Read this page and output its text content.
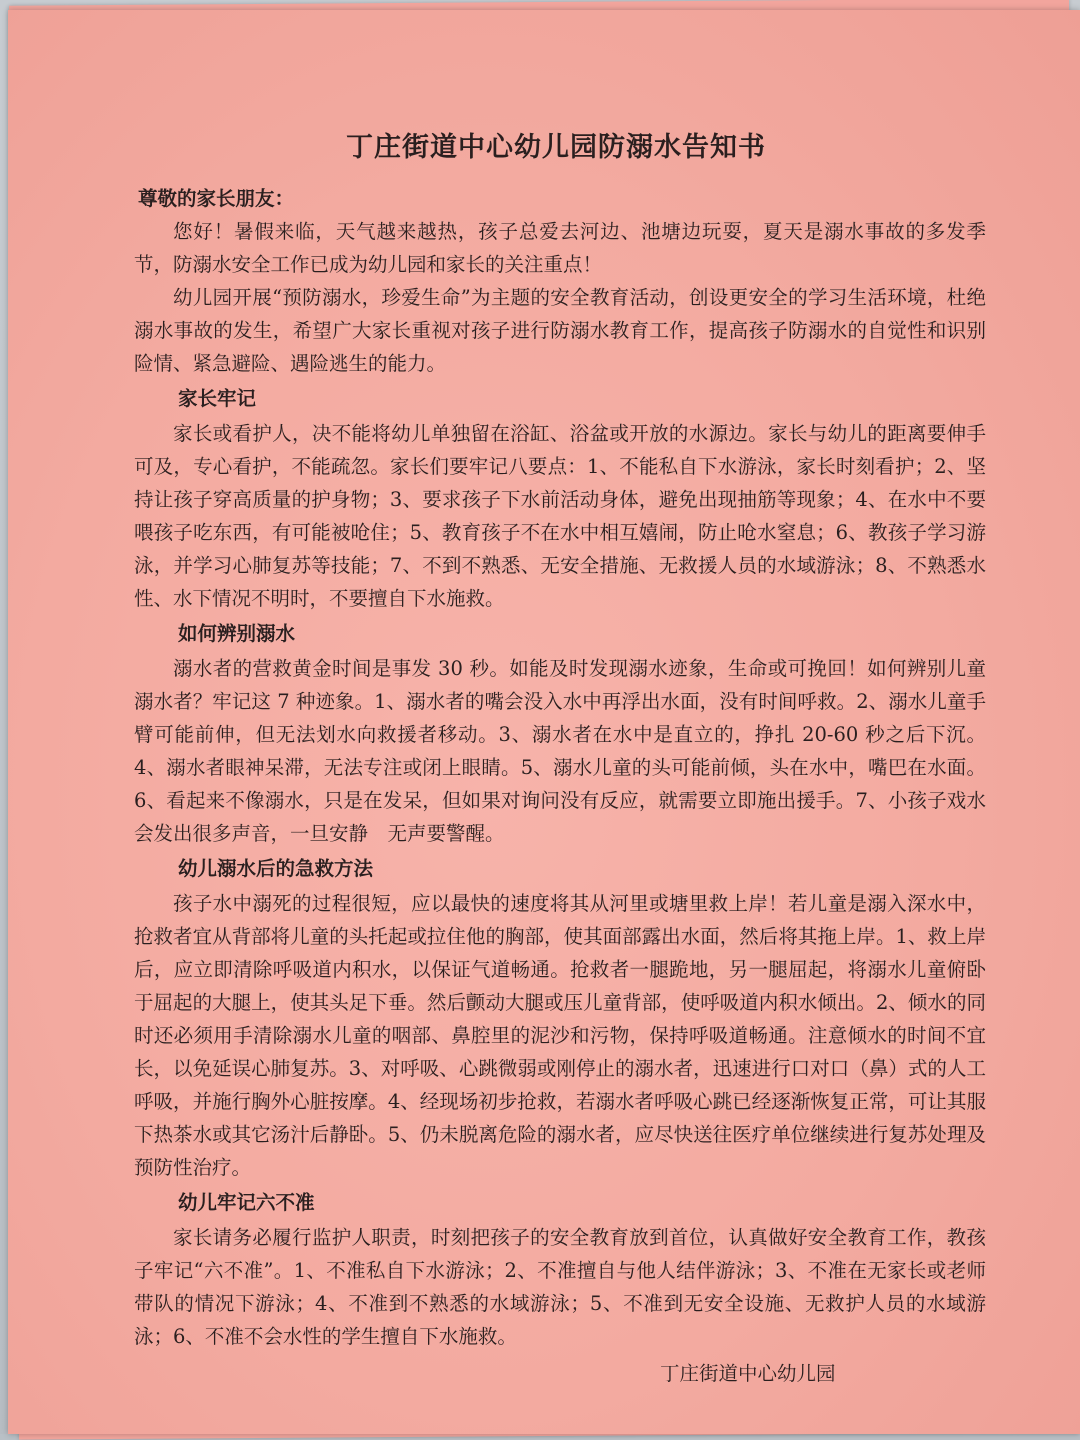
丁庄街道中心幼儿园防溺水告知书
尊敬的家长朋友：
您好！暑假来临，天气越来越热，孩子总爱去河边、池塘边玩耍，夏天是溺水事故的多发季节，防溺水安全工作已成为幼儿园和家长的关注重点！
幼儿园开展“预防溺水，珍爱生命”为主题的安全教育活动，创设更安全的学习生活环境，杜绝溺水事故的发生，希望广大家长重视对孩子进行防溺水教育工作，提高孩子防溺水的自觉性和识别险情、紧急避险、遇险逃生的能力。
家长牢记
家长或看护人，决不能将幼儿单独留在浴缸、浴盆或开放的水源边。家长与幼儿的距离要伸手可及，专心看护，不能疏忽。家长们要牢记八要点：1、不能私自下水游泳，家长时刻看护；2、坚持让孩子穿高质量的护身物；3、要求孩子下水前活动身体，避免出现抽筋等现象；4、在水中不要喂孩子吃东西，有可能被呛住；5、教育孩子不在水中相互嬉闹，防止呛水窒息；6、教孩子学习游泳，并学习心肺复苏等技能；7、不到不熟悉、无安全措施、无救援人员的水域游泳；8、不熟悉水性、水下情况不明时，不要擅自下水施救。
如何辨别溺水
溺水者的营救黄金时间是事发 30 秒。如能及时发现溺水迹象，生命或可挽回！如何辨别儿童溺水者？牢记这 7 种迹象。1、溺水者的嘴会没入水中再浮出水面，没有时间呼救。2、溺水儿童手臂可能前伸，但无法划水向救援者移动。3、溺水者在水中是直立的，挣扎 20-60 秒之后下沉。4、溺水者眼神呆滞，无法专注或闭上眼睛。5、溺水儿童的头可能前倾，头在水中，嘴巴在水面。6、看起来不像溺水，只是在发呆，但如果对询问没有反应，就需要立即施出援手。7、小孩子戏水会发出很多声音，一旦安静　无声要警醒。
幼儿溺水后的急救方法
孩子水中溺死的过程很短，应以最快的速度将其从河里或塘里救上岸！若儿童是溺入深水中，抢救者宜从背部将儿童的头托起或拉住他的胸部，使其面部露出水面，然后将其拖上岸。1、救上岸后，应立即清除呼吸道内积水，以保证气道畅通。抢救者一腿跪地，另一腿屈起，将溺水儿童俯卧于屈起的大腿上，使其头足下垂。然后颤动大腿或压儿童背部，使呼吸道内积水倾出。2、倾水的同时还必须用手清除溺水儿童的咽部、鼻腔里的泥沙和污物，保持呼吸道畅通。注意倾水的时间不宜长，以免延误心肺复苏。3、对呼吸、心跳微弱或刚停止的溺水者，迅速进行口对口（鼻）式的人工呼吸，并施行胸外心脏按摩。4、经现场初步抢救，若溺水者呼吸心跳已经逐渐恢复正常，可让其服下热茶水或其它汤汁后静卧。5、仍未脱离危险的溺水者，应尽快送往医疗单位继续进行复苏处理及预防性治疗。
幼儿牢记六不准
家长请务必履行监护人职责，时刻把孩子的安全教育放到首位，认真做好安全教育工作，教孩子牢记“六不准”。1、不准私自下水游泳；2、不准擅自与他人结伴游泳；3、不准在无家长或老师带队的情况下游泳；4、不准到不熟悉的水域游泳；5、不准到无安全设施、无救护人员的水域游泳；6、不准不会水性的学生擅自下水施救。
丁庄街道中心幼儿园
